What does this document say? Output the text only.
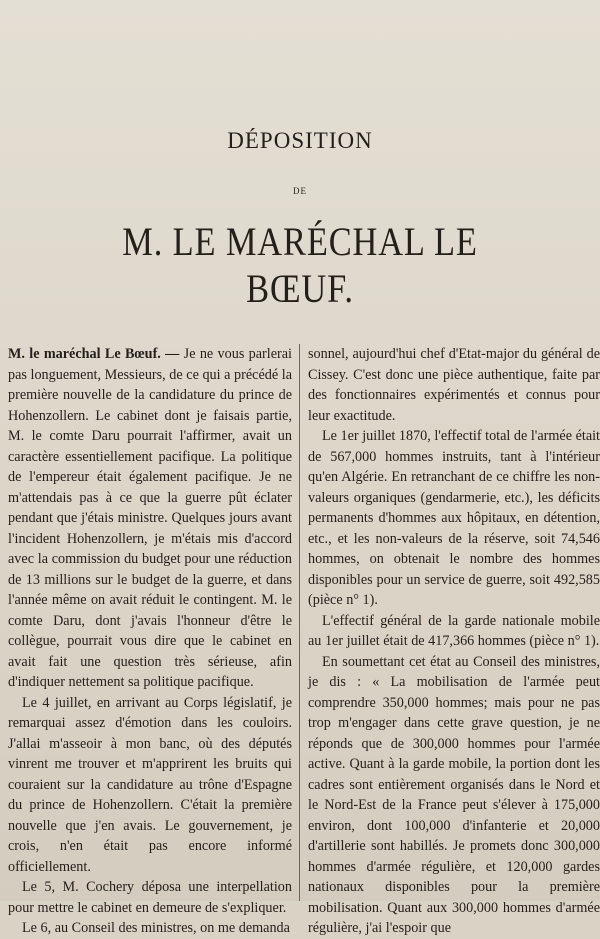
DÉPOSITION
DE
M. LE MARÉCHAL LE BŒUF.

M. le maréchal Le Bœuf. — Je ne vous parlerai pas longuement, Messieurs, de ce qui a précédé la première nouvelle de la candidature du prince de Hohenzollern. Le cabinet dont je faisais partie, M. le comte Daru pourrait l'affirmer, avait un caractère essentiellement pacifique. La politique de l'empereur était également pacifique. Je ne m'attendais pas à ce que la guerre pût éclater pendant que j'étais ministre. Quelques jours avant l'incident Hohenzollern, je m'étais mis d'accord avec la commission du budget pour une réduction de 13 millions sur le budget de la guerre, et dans l'année même on avait réduit le contingent. M. le comte Daru, dont j'avais l'honneur d'être le collègue, pourrait vous dire que le cabinet en avait fait une question très sérieuse, afin d'indiquer nettement sa politique pacifique.

Le 4 juillet, en arrivant au Corps législatif, je remarquai assez d'émotion dans les couloirs. J'allai m'asseoir à mon banc, où des députés vinrent me trouver et m'apprirent les bruits qui couraient sur la candidature au trône d'Espagne du prince de Hohenzollern. C'était la première nouvelle que j'en avais. Le gouvernement, je crois, n'en était pas encore informé officiellement.

Le 5, M. Cochery déposa une interpellation pour mettre le cabinet en demeure de s'expliquer.

Le 6, au Conseil des ministres, on me demanda

sonnel, aujourd'hui chef d'Etat-major du général de Cissey. C'est donc une pièce authentique, faite par des fonctionnaires expérimentés et connus pour leur exactitude.

Le 1er juillet 1870, l'effectif total de l'armée était de 567,000 hommes instruits, tant à l'intérieur qu'en Algérie. En retranchant de ce chiffre les non-valeurs organiques (gendarmerie, etc.), les déficits permanents d'hommes aux hôpitaux, en détention, etc., et les non-valeurs de la réserve, soit 74,546 hommes, on obtenait le nombre des hommes disponibles pour un service de guerre, soit 492,585 (pièce n° 1).

L'effectif général de la garde nationale mobile au 1er juillet était de 417,366 hommes (pièce n° 1).

En soumettant cet état au Conseil des ministres, je dis : « La mobilisation de l'armée peut comprendre 350,000 hommes; mais pour ne pas trop m'engager dans cette grave question, je ne réponds que de 300,000 hommes pour l'armée active. Quant à la garde mobile, la portion dont les cadres sont entièrement organisés dans le Nord et le Nord-Est de la France peut s'élever à 175,000 environ, dont 100,000 d'infanterie et 20,000 d'artillerie sont habillés. Je promets donc 300,000 hommes d'armée régulière, et 120,000 gardes nationaux disponibles pour la première mobilisation. Quant aux 300,000 hommes d'armée régulière, j'ai l'espoir que
